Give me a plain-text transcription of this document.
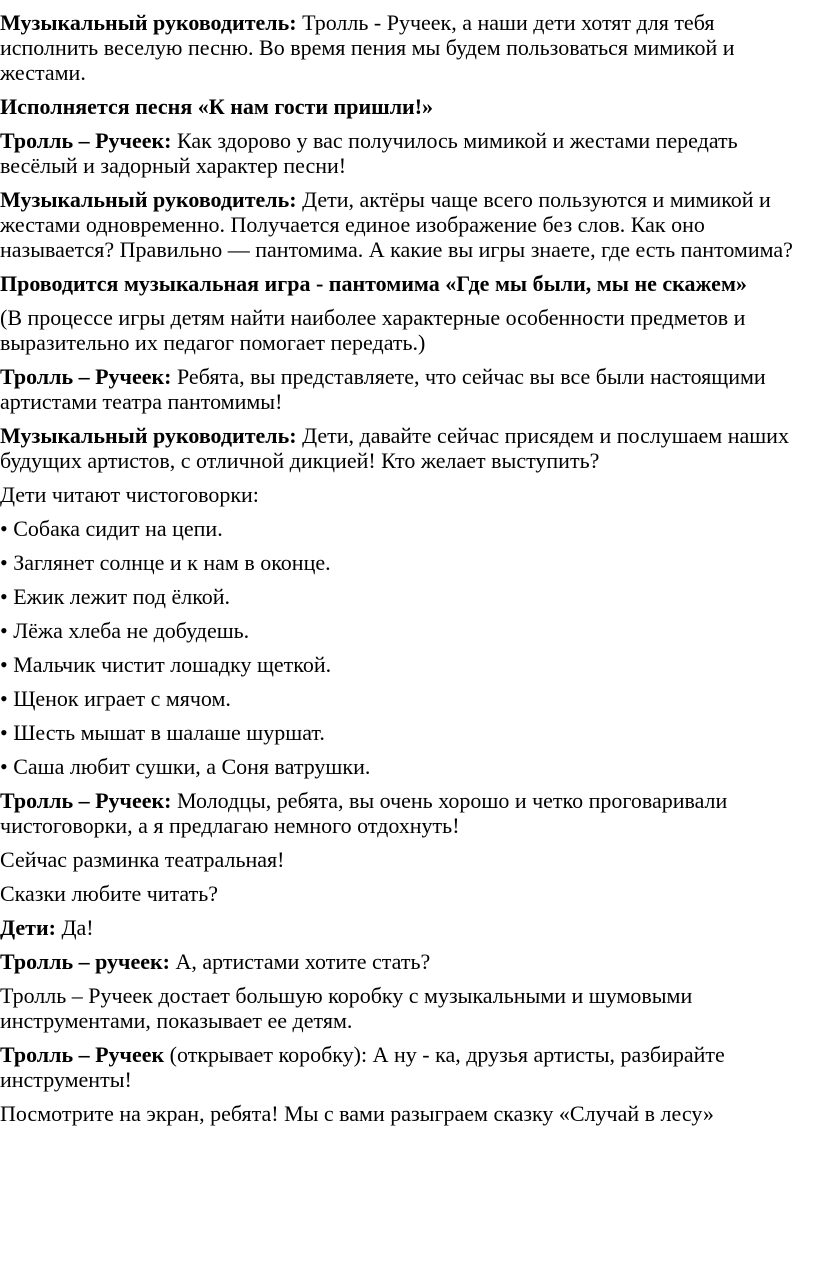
Музыкальный руководитель: Тролль - Ручеек, а наши дети хотят для тебя исполнить веселую песню. Во время пения мы будем пользоваться мимикой и жестами.

Исполняется песня «К нам гости пришли!»

Тролль – Ручеек: Как здорово у вас получилось мимикой и жестами передать весёлый и задорный характер песни!

Музыкальный руководитель: Дети, актёры чаще всего пользуются и мимикой и жестами одновременно. Получается единое изображение без слов. Как оно называется? Правильно — пантомима. А какие вы игры знаете, где есть пантомима?

Проводится музыкальная игра - пантомима «Где мы были, мы не скажем»

(В процессе игры детям найти наиболее характерные особенности предметов и выразительно их педагог помогает передать.)

Тролль – Ручеек: Ребята, вы представляете, что сейчас вы все были настоящими артистами театра пантомимы!

Музыкальный руководитель: Дети, давайте сейчас присядем и послушаем наших будущих артистов, с отличной дикцией! Кто желает выступить?

Дети читают чистоговорки:

• Собака сидит на цепи.

• Заглянет солнце и к нам в оконце.

• Ежик лежит под ёлкой.

• Лёжа хлеба не добудешь.

• Мальчик чистит лошадку щеткой.

• Щенок играет с мячом.

• Шесть мышат в шалаше шуршат.

• Саша любит сушки, а Соня ватрушки.

Тролль – Ручеек: Молодцы, ребята, вы очень хорошо и четко проговаривали чистоговорки, а я предлагаю немного отдохнуть!

Сейчас разминка театральная!

Сказки любите читать?

Дети: Да!

Тролль – ручеек: А, артистами хотите стать?

Тролль – Ручеек достает большую коробку с музыкальными и шумовыми инструментами, показывает ее детям.

Тролль – Ручеек (открывает коробку): А ну - ка, друзья артисты, разбирайте инструменты!

Посмотрите на экран, ребята! Мы с вами разыграем сказку «Случай в лесу»
